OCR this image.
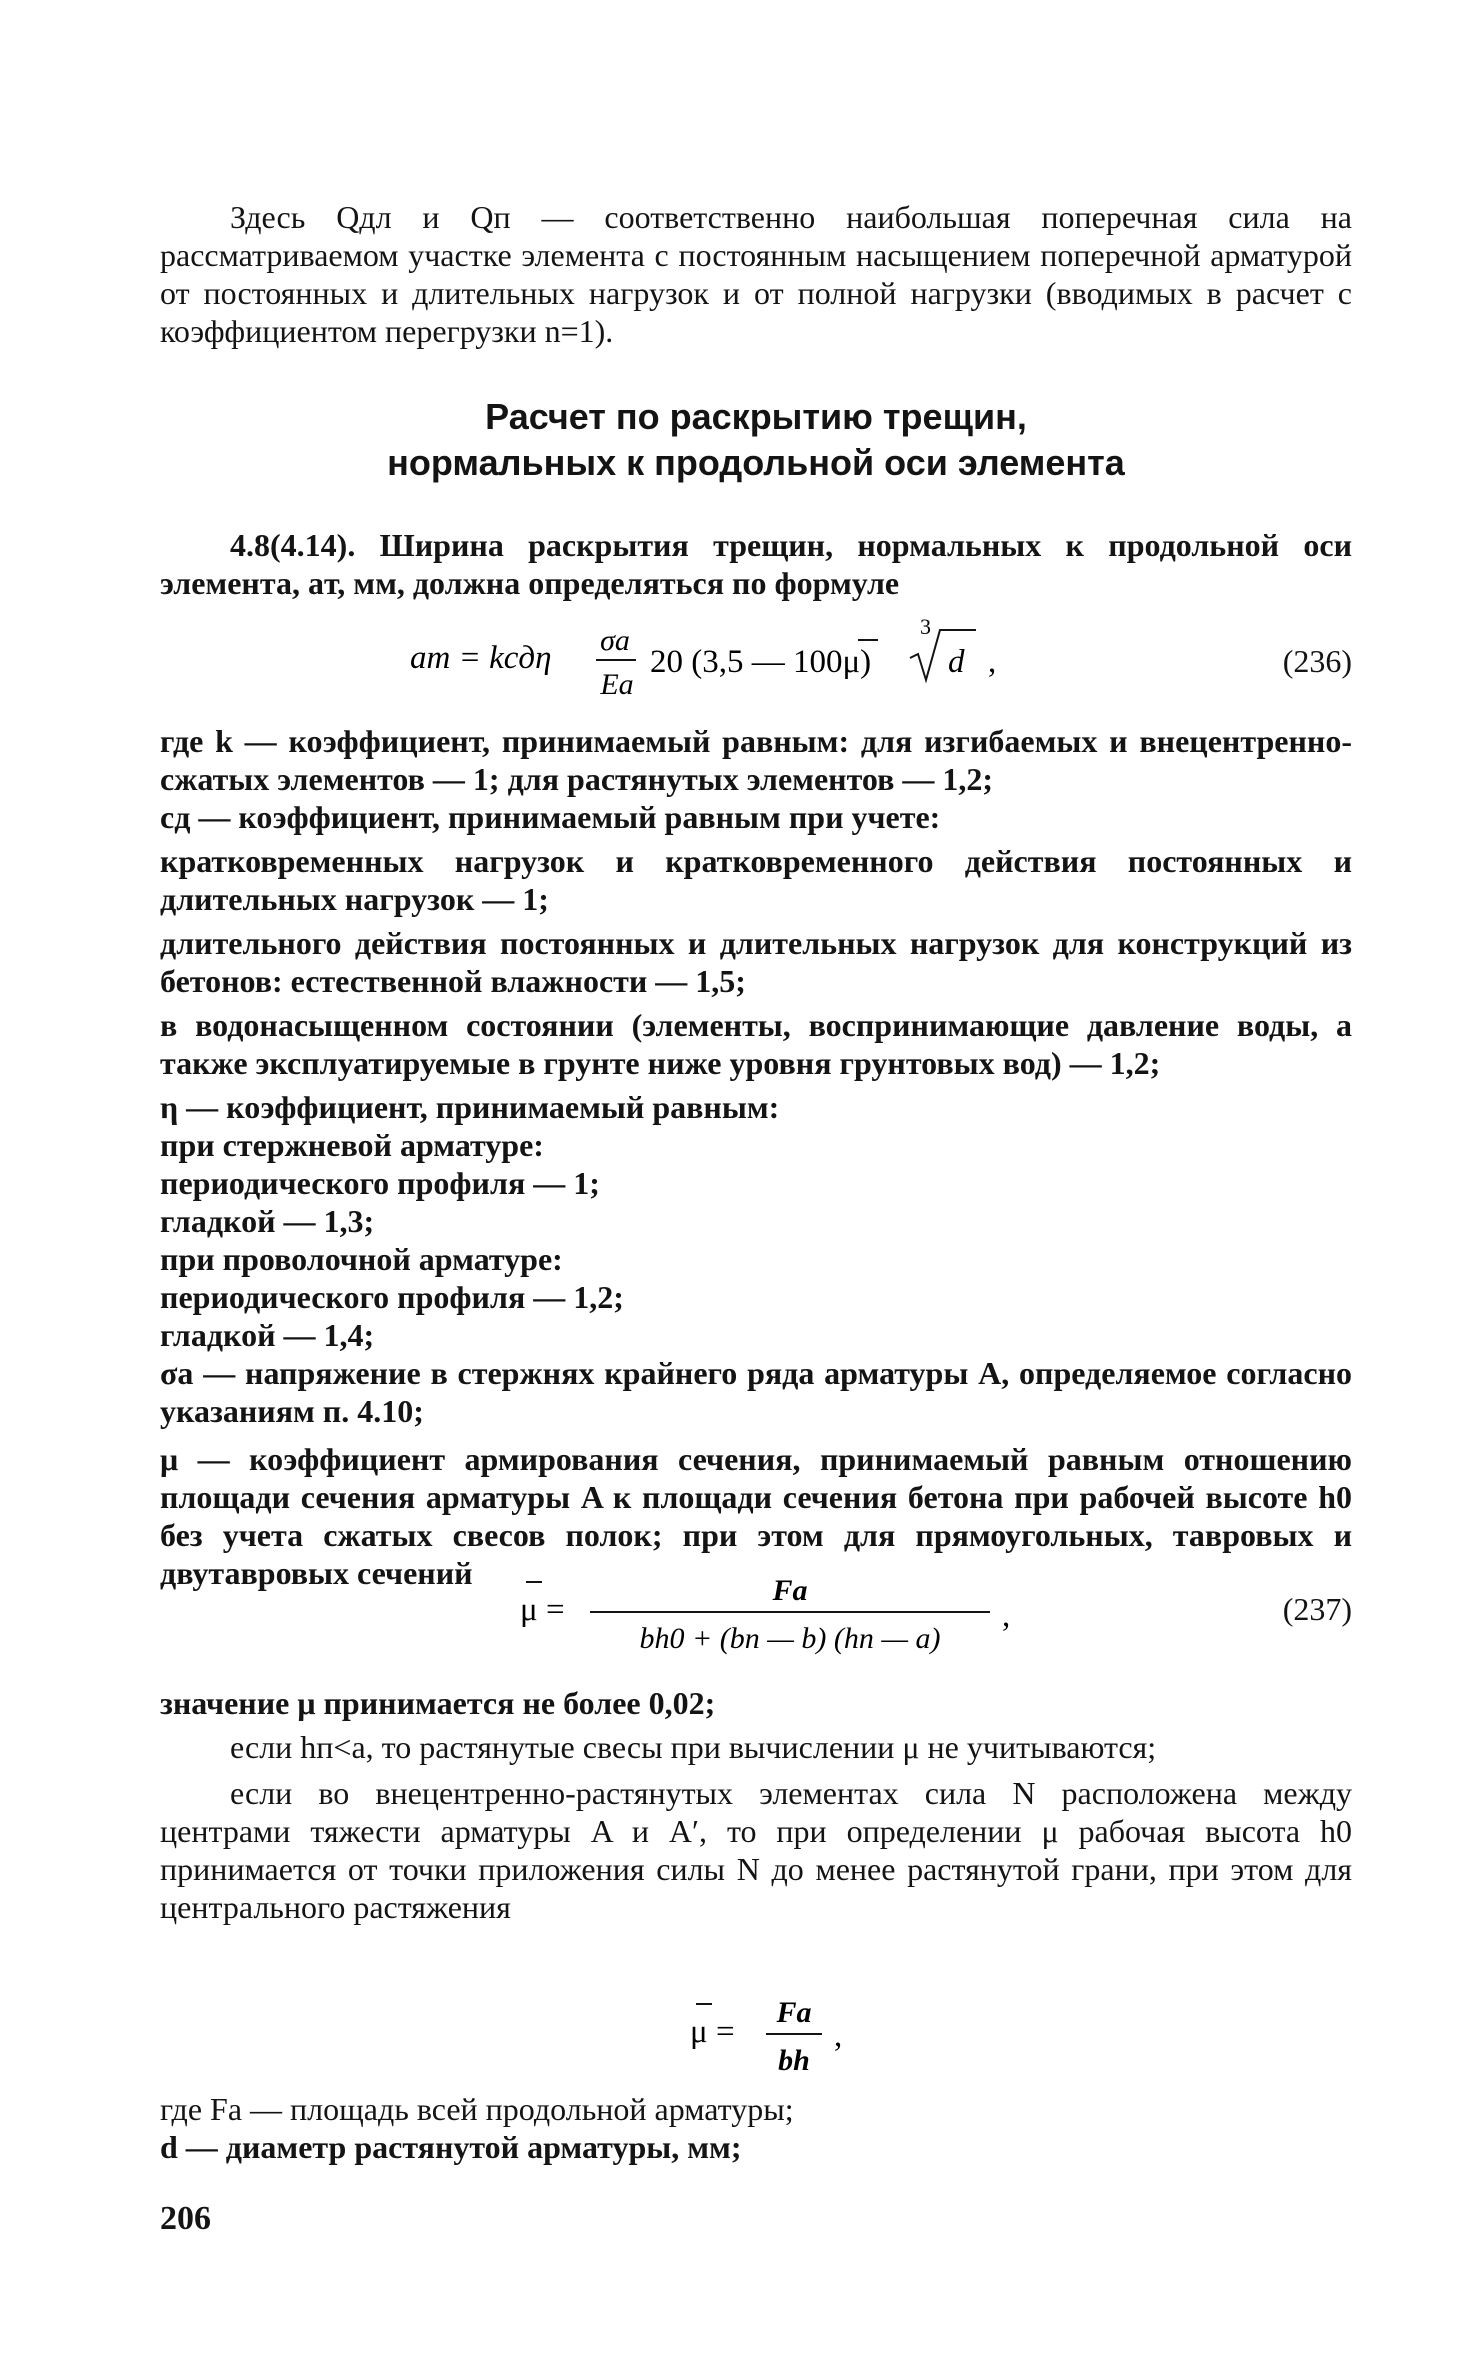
Здесь Qдл и Qп — соответственно наибольшая поперечная сила на рассматриваемом участке элемента с постоянным насыщением поперечной арматурой от постоянных и длительных нагрузок и от полной нагрузки (вводимых в расчет с коэффициентом перегрузки n=1).

Расчет по раскрытию трещин,

нормальных к продольной оси элемента

4.8(4.14). Ширина раскрытия трещин, нормальных к продольной оси элемента, aт, мм, должна определяться по формуле

aт = kcдη σа
Eа
20 (3,5 — 100μ)
3
d ,	(236)

где k — коэффициент, принимаемый равным: для изгибаемых и внецентренно-сжатых элементов — 1; для растянутых элементов — 1,2;

cд — коэффициент, принимаемый равным при учете:

кратковременных нагрузок и кратковременного действия постоянных и длительных нагрузок — 1;

длительного действия постоянных и длительных нагрузок для конструкций из бетонов: естественной влажности — 1,5;

в водонасыщенном состоянии (элементы, воспринимающие давление воды, а также эксплуатируемые в грунте ниже уровня грунтовых вод) — 1,2;

η — коэффициент, принимаемый равным:

при стержневой арматуре:

периодического профиля — 1;

гладкой — 1,3;

при проволочной арматуре:

периодического профиля — 1,2;

гладкой — 1,4;

σа — напряжение в стержнях крайнего ряда арматуры A, определяемое согласно указаниям п. 4.10;

μ — коэффициент армирования сечения, принимаемый равным отношению площади сечения арматуры A к площади сечения бетона при рабочей высоте h0 без учета сжатых свесов полок; при этом для прямоугольных, тавровых и двутавровых сечений

μ =
Fа
bh0 + (bп — b) (hп — a)
,	(237)

значение μ принимается не более 0,02;

если hп<a, то растянутые свесы при вычислении μ не учитываются;

если во внецентренно-растянутых элементах сила N расположена между центрами тяжести арматуры A и A′, то при определении μ рабочая высота h0 принимается от точки приложения силы N до менее растянутой грани, при этом для центрального растяжения

μ =
Fа
bh
,

где Fа — площадь всей продольной арматуры;

d — диаметр растянутой арматуры, мм;

206
